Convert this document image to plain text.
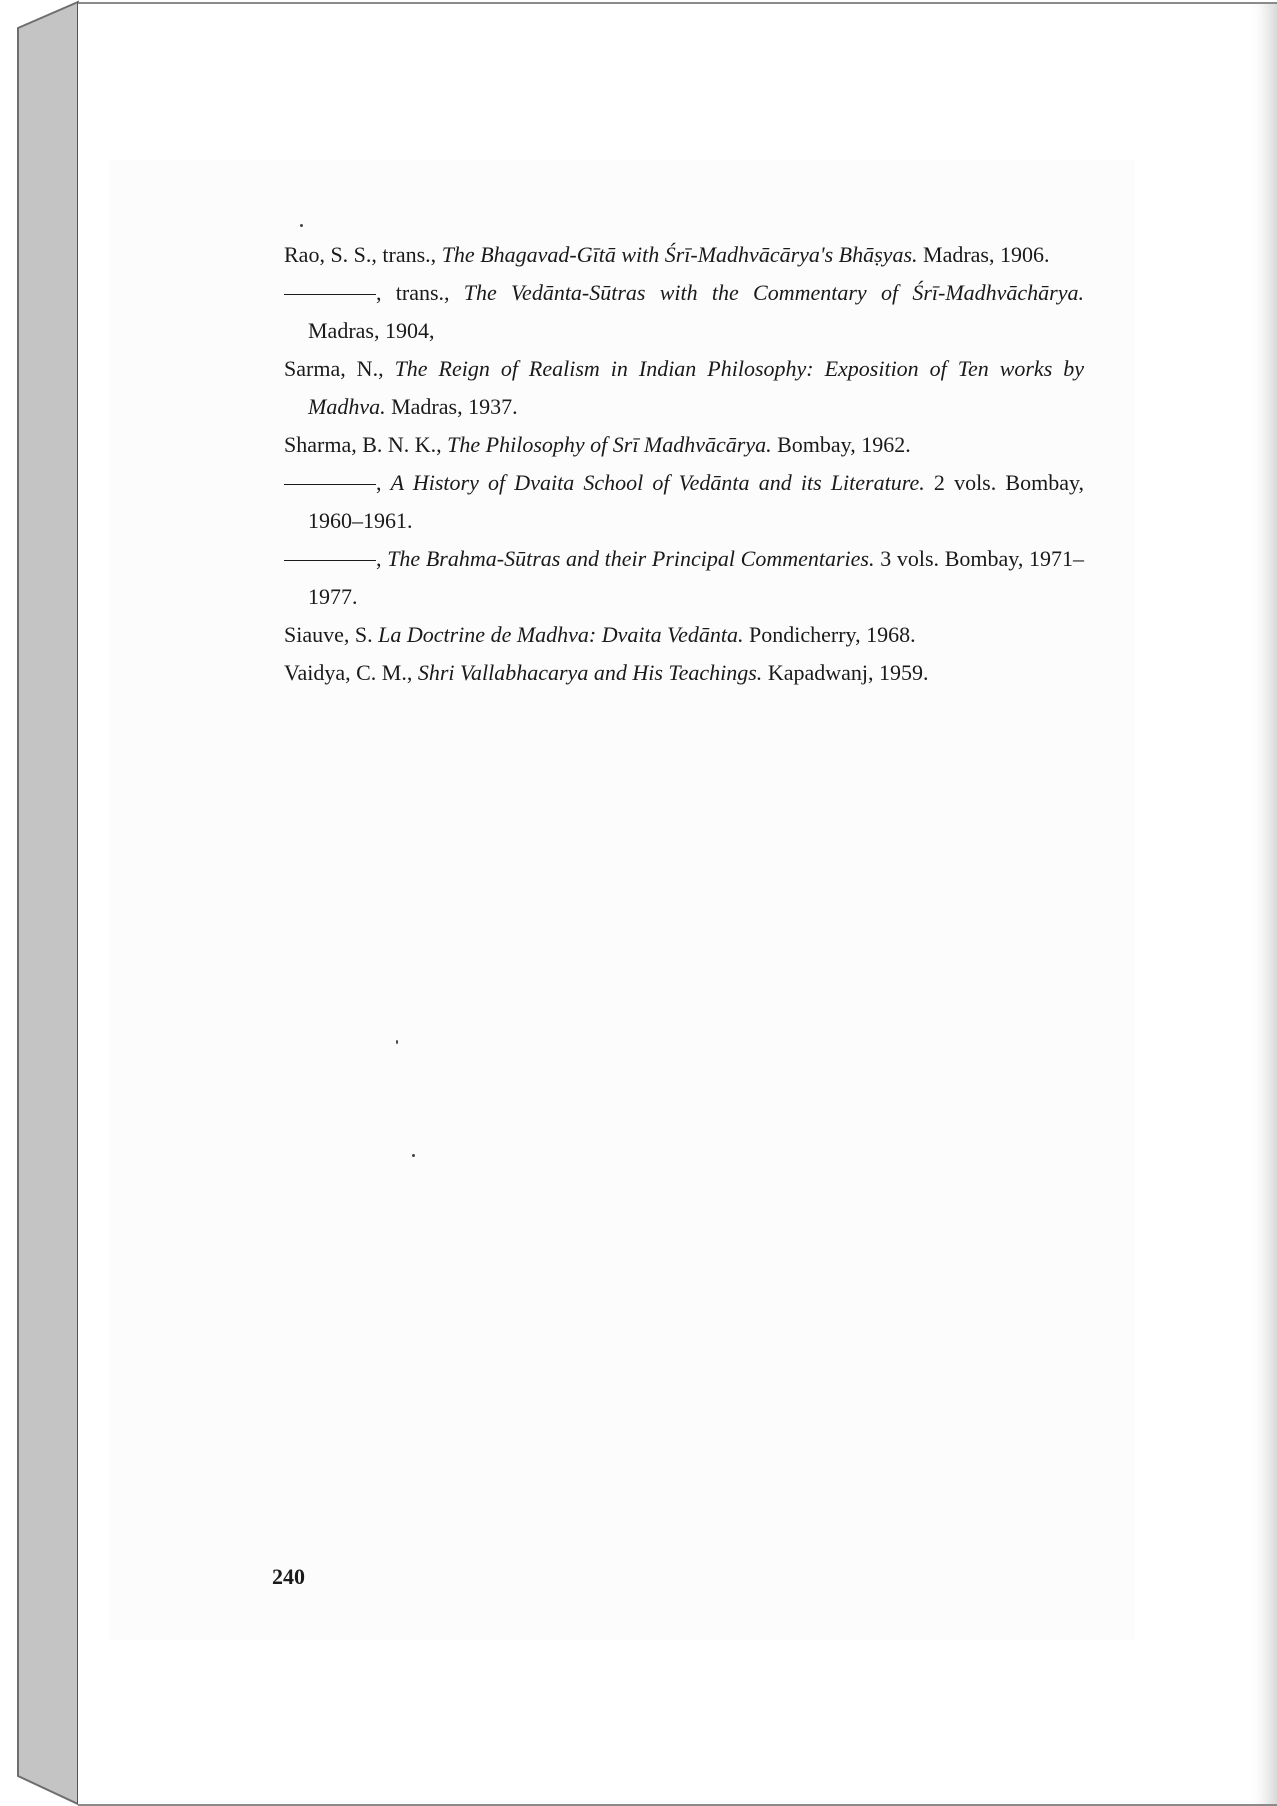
Rao, S. S., trans., The Bhagavad-Gītā with Śrī-Madhvācārya's Bhāṣyas. Madras, 1906.

, trans., The Vedānta-Sūtras with the Commentary of Śrī-Madhvāchārya. Madras, 1904,

Sarma, N., The Reign of Realism in Indian Philosophy: Exposition of Ten works by Madhva. Madras, 1937.

Sharma, B. N. K., The Philosophy of Srī Madhvācārya. Bombay, 1962.

, A History of Dvaita School of Vedānta and its Literature. 2 vols. Bombay, 1960–1961.

, The Brahma-Sūtras and their Principal Commentaries. 3 vols. Bombay, 1971–1977.

Siauve, S. La Doctrine de Madhva: Dvaita Vedānta. Pondicherry, 1968.

Vaidya, C. M., Shri Vallabhacarya and His Teachings. Kapadwanj, 1959.

240
